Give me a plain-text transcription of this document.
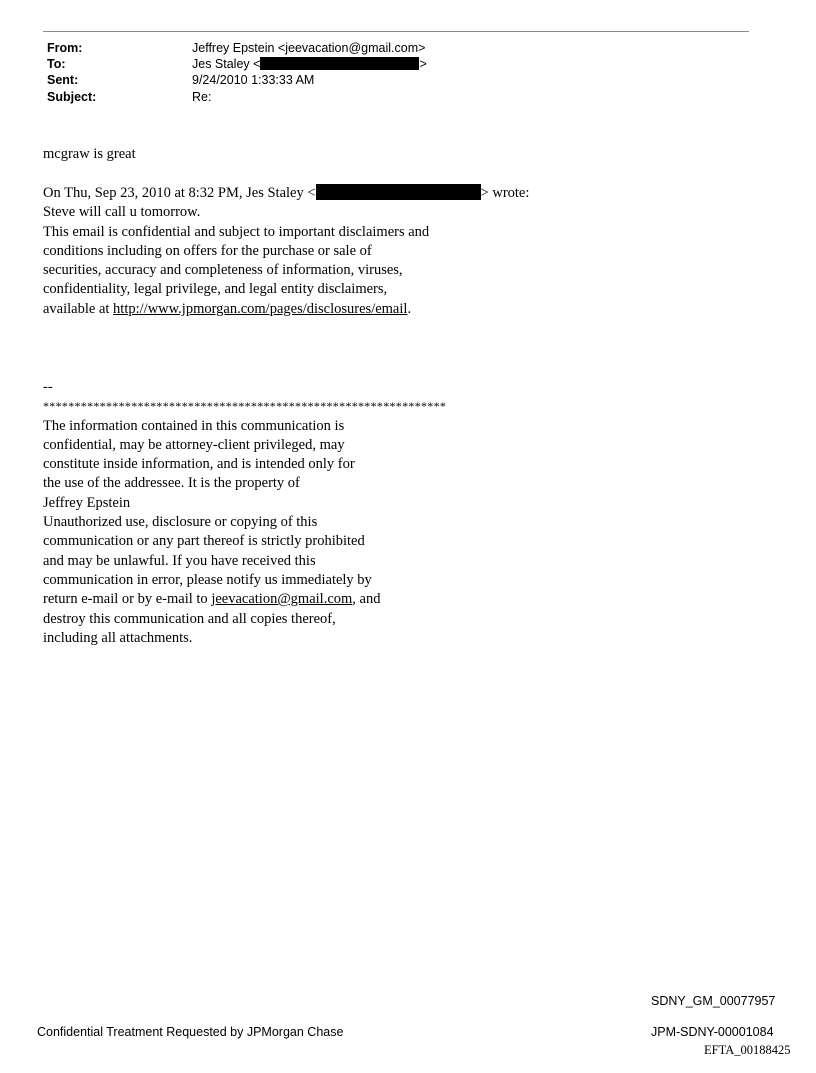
From:	Jeffrey Epstein <jeevacation@gmail.com>
To:	Jes Staley <	>
Sent:	9/24/2010 1:33:33 AM
Subject:	Re:
mcgraw is great
On Thu, Sep 23, 2010 at 8:32 PM, Jes Staley <	> wrote:
Steve will call u tomorrow.
This email is confidential and subject to important disclaimers and
conditions including on offers for the purchase or sale of
securities, accuracy and completeness of information, viruses,
confidentiality, legal privilege, and legal entity disclaimers,
available at http://www.jpmorgan.com/pages/disclosures/email.
--
****************************************************************
The information contained in this communication is
confidential, may be attorney-client privileged, may
constitute inside information, and is intended only for
the use of the addressee. It is the property of
Jeffrey Epstein
Unauthorized use, disclosure or copying of this
communication or any part thereof is strictly prohibited
and may be unlawful. If you have received this
communication in error, please notify us immediately by
return e-mail or by e-mail to jeevacation@gmail.com, and
destroy this communication and all copies thereof,
including all attachments.
SDNY_GM_00077957
Confidential Treatment Requested by JPMorgan Chase	JPM-SDNY-00001084
EFTA_00188425
